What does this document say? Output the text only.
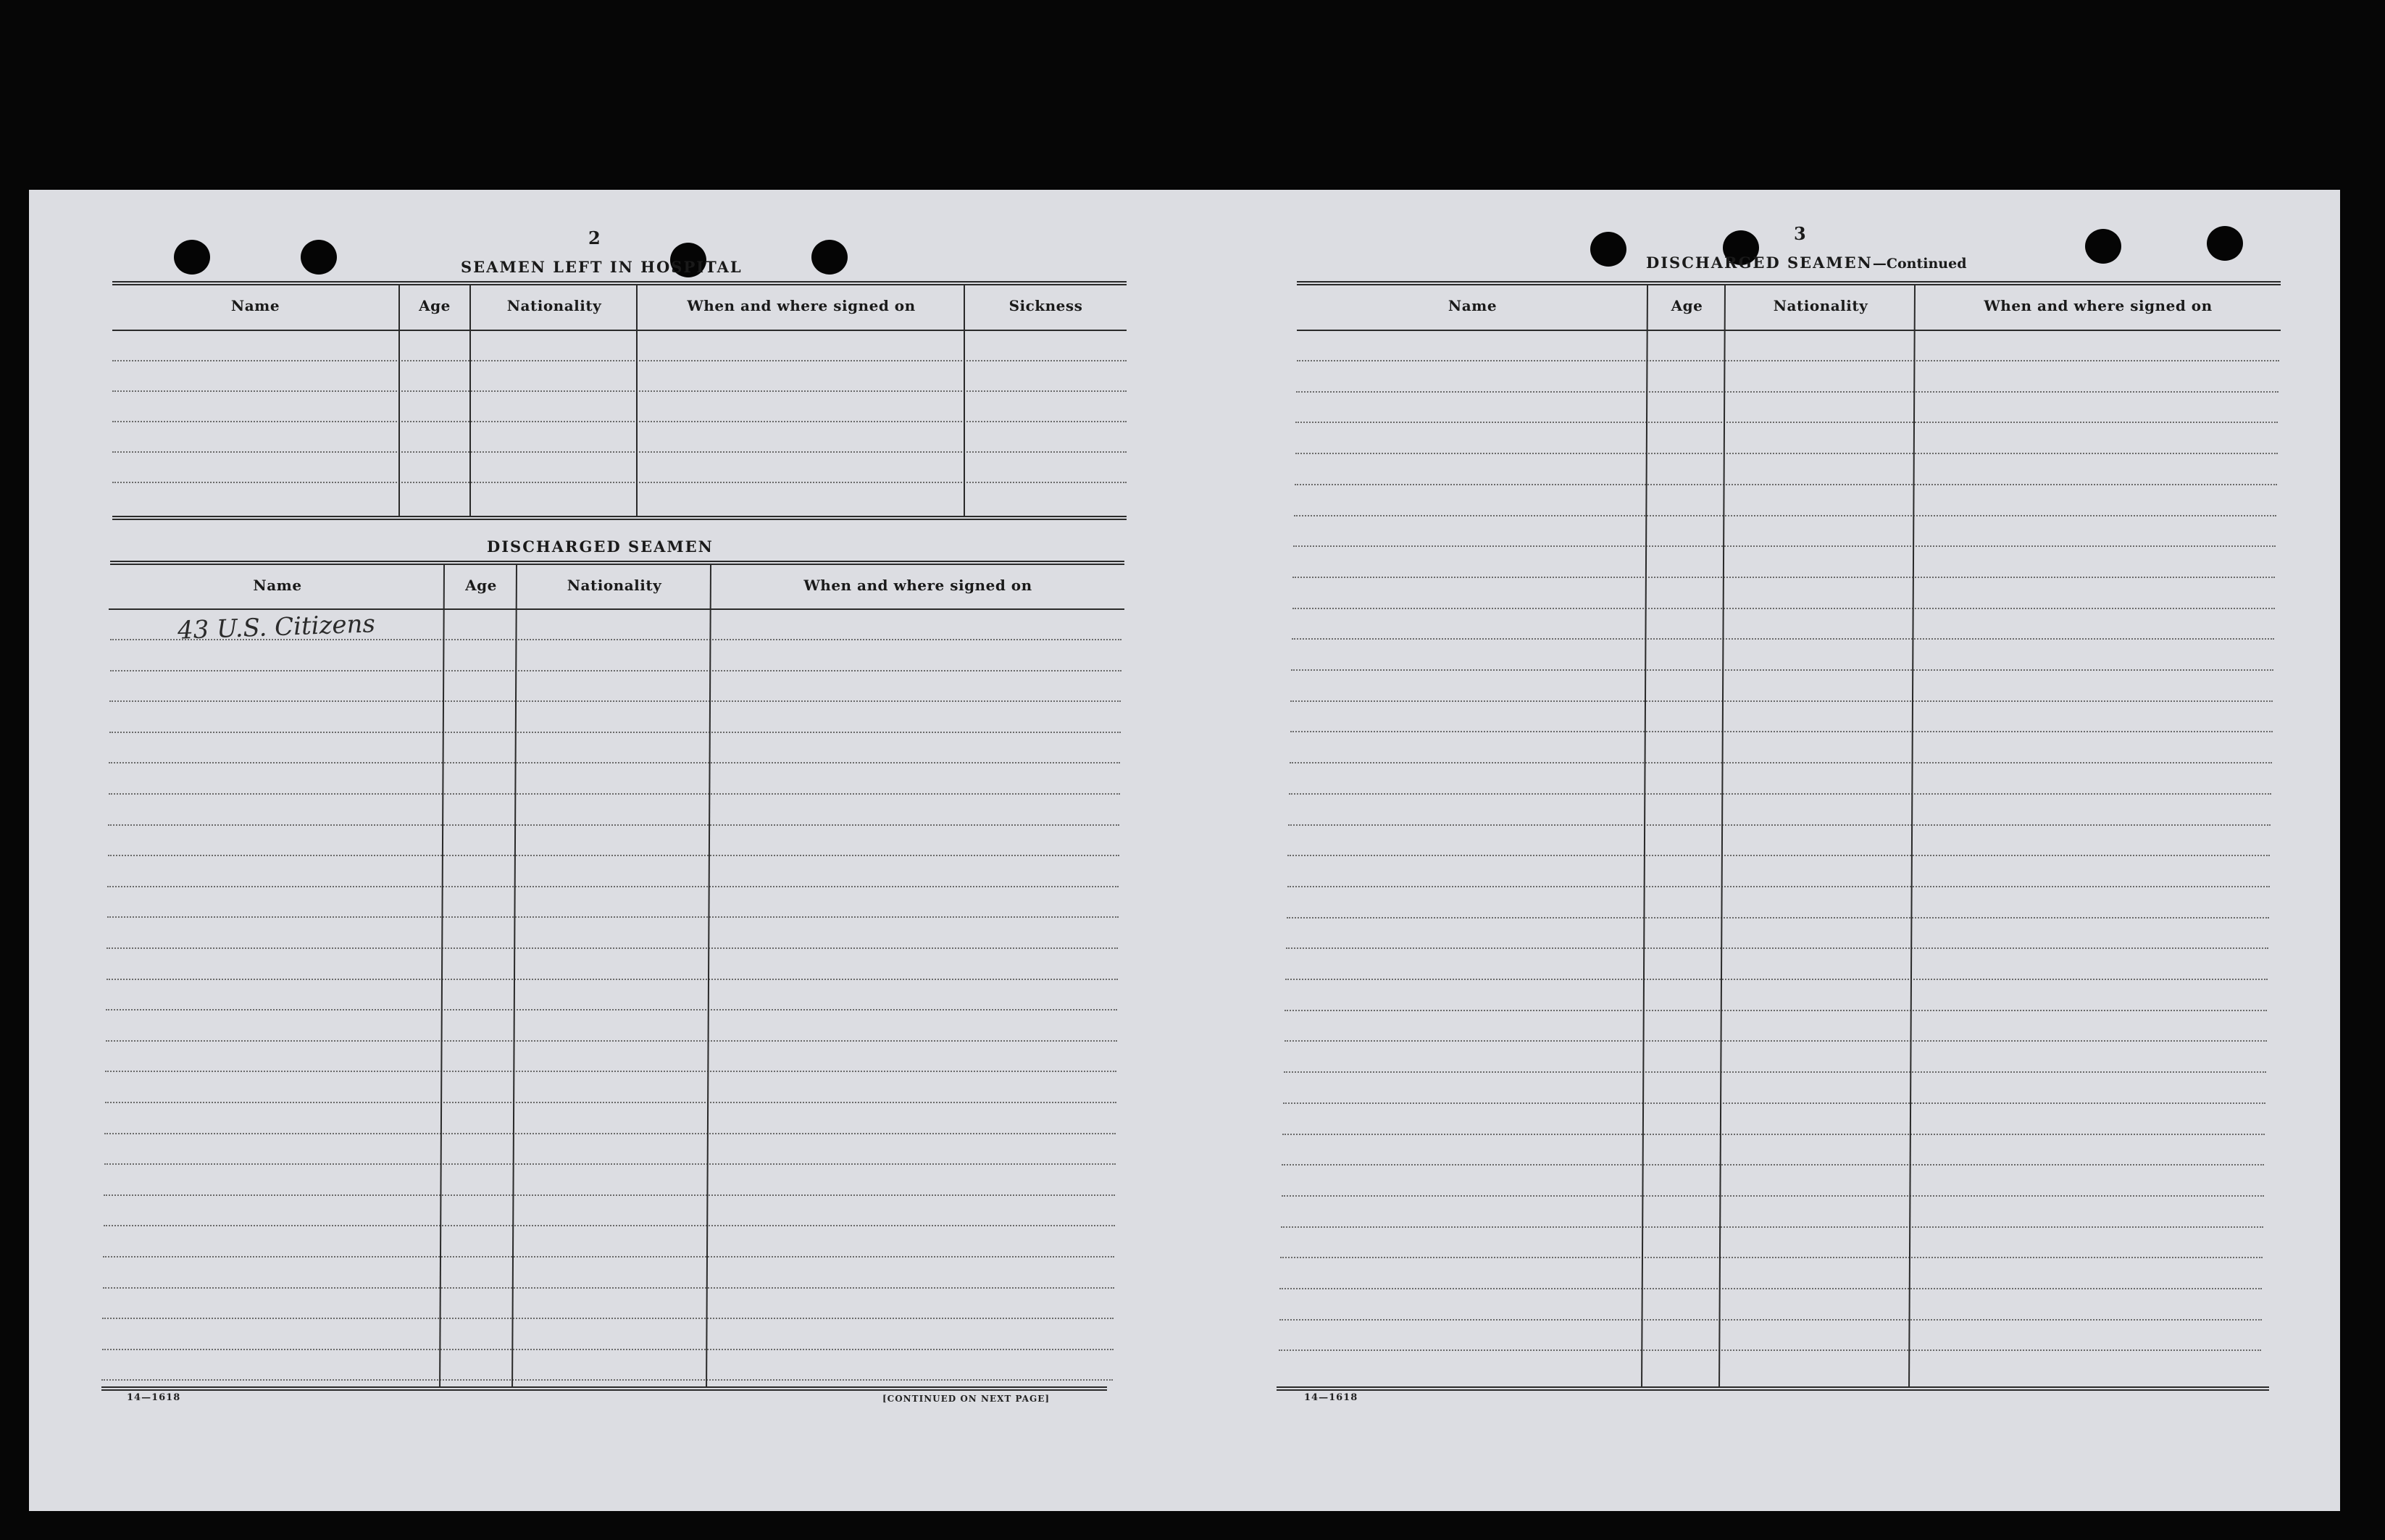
2
SEAMEN LEFT IN HOSPITAL
Name	Age	Nationality	When and where signed on	Sickness
DISCHARGED SEAMEN
Name	Age	Nationality	When and where signed on
43 U.S. Citizens
14—1618	[CONTINUED ON NEXT PAGE]
3
DISCHARGED SEAMEN—Continued
Name	Age	Nationality	When and where signed on
14—1618
